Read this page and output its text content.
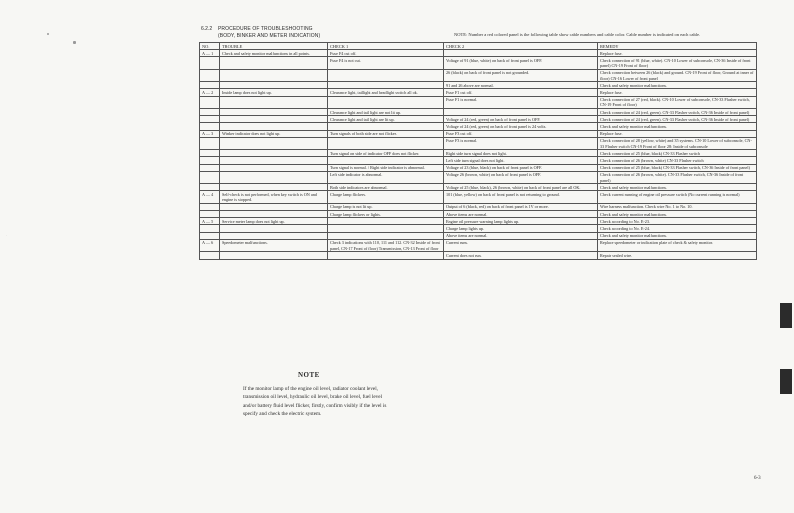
·
6.2.2 PROCEDURE OF TROUBLESHOOTING
(BODY, BINKER AND METER INDICATION)	NOTE: Number a red colored panel is the following table show cable numbers and cable color. Cable number is indicated on each cable.
NO.	TROUBLE	CHECK 1	CHECK 2	REMEDY
A — 1	Check and safety monitor malfunctions in all points.	Fuse F4 cut off.		Replace fuse.
		Fuse F4 is not cut.	Voltage of 91 (blue, white) on back of front panel is OFF.	Check connection of 91 (blue, white). CN-10 Lower of subconsole, CN-36 Inside of front panel) CN-19 Front of floor)
			26 (black) on back of front panel is not grounded.	Check connection between 26 (black) and ground. CN-19 Front of floor, Ground at inner of floor) CN-16 Lower of front panel
			91 and 26 above are normal.	Check and safety monitor malfunctions.
A — 2	Inside lamp does not light up.	Clearance light, taillight and headlight switch all ok.	Fuse F1 cut off.	Replace fuse.
			Fuse F1 is normal.	Check connection of 27 (red, black). CN-10 Lower of subconsole, CN-33 Flasher switch, CN-19 Front of floor)
		Clearance light and tail light are not lit up.		Check connection of 24 (red, green). CN-33 Flasher switch, CN-36 Inside of front panel)
		Clearance light and tail light are lit up.	Voltage of 24 (red, green) on back of front panel is OFF.	Check connection of 24 (red, green). CN-33 Flasher switch, CN-36 Inside of front panel)
			Voltage of 24 (red, green) on back of front panel is 24 volts.	Check and safety monitor malfunctions.
A — 3	Winker indicator does not light up.	Turn signals of both side are not flicker.	Fuse F3 cut off.	Replace fuse.
			Fuse F3 is normal.	Check connection of 28 (yellow, white) and 35 systems. CN-10 Lower of subconsole, CN-33 Flasher switch CN-19 Front of floor 28: Inside of subconsole
		Turn signal on side of indicator OFF does not flicker.	Right side turn signal does not light.	Check connection of 25 (blue, black) CN-33 Flasher switch
			Left side turn signal does not light.	Check connection of 26 (brown, white) CN-33 Flasher switch
		Turn signal is normal. / Right side indicator is abnormal.	Voltage of 23 (blue, black) on back of front panel is OFF.	Check connection of 25 (blue, black) CN-33 Flasher switch, CN-36 Inside of front panel)
		Left side indicator is abnormal.	Voltage 26 (brown, white) on back of front panel is OFF.	Check connection of 26 (brown, white). CN-33 Flasher switch, CN-36 Inside of front panel)
		Both side indicators are abnormal.	Voltage of 25 (blue, black), 26 (brown, white) on back of front panel are all OK.	Check and safety monitor malfunctions.
A — 4	Self-check is not performed, when key switch is ON and engine is stopped.	Charge lamp flickers.	101 (blue, yellow) on back of front panel is not returning to ground.	Check current running of engine oil pressure switch (No current running is normal)
		Charge lamp is not lit up.	Output of 6 (black, red) on back of front panel is 1V or more.	Wire harness malfunction. Check wire No. 1 to No. 10.
		Charge lamp flickers or lights.	Above items are normal.	Check and safety monitor malfunctions.
A — 5	Service meter lamp does not light up.		Engine oil pressure warning lamp lights up.	Check according to No. E-23.
			Charge lamp lights up.	Check according to No. E-24.
			Above items are normal.	Check and safety monitor malfunctions.
A — 6	Speedometer malfunctions.	Check 3 indications with 110, 111 and 112. CN-32 Inside of front panel, CN-17 Front of floor) Transmission, CN-13 Front of floor	Current runs.	Replace speedometer or indication plate of check & safety monitor.
			Current does not run.	Repair sealed wire.
NOTE
If the monitor lamp of the engine oil level, radiator coolant level,
transmission oil level, hydraulic oil level, brake oil level, fuel level
and/or battery fluid level flicker, firstly, confirm visibly if the level is
specify and check the electric system.
6-3
